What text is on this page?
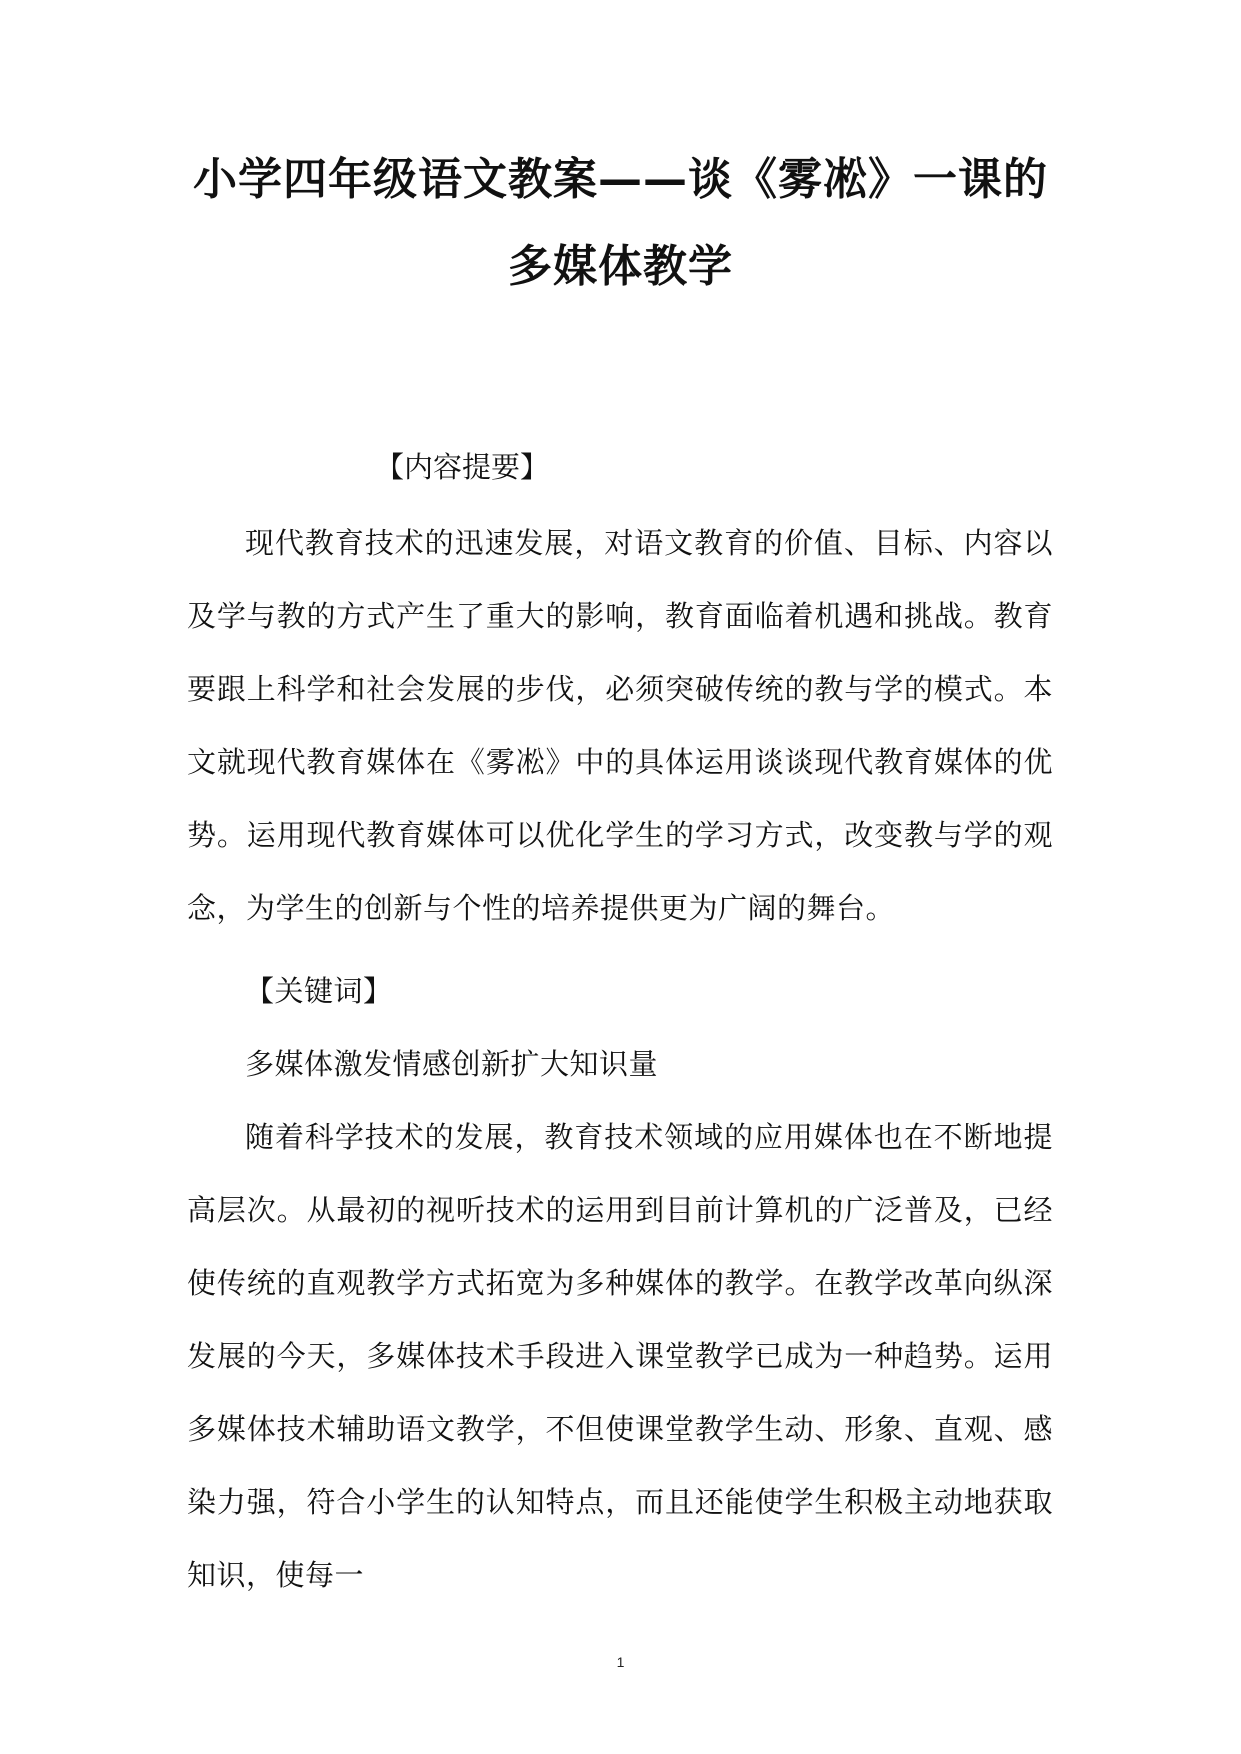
小学四年级语文教案——谈《雾凇》一课的
多媒体教学
【内容提要】

现代教育技术的迅速发展，对语文教育的价值、目标、内容以及学与教的方式产生了重大的影响，教育面临着机遇和挑战。教育要跟上科学和社会发展的步伐，必须突破传统的教与学的模式。本文就现代教育媒体在《雾凇》中的具体运用谈谈现代教育媒体的优势。运用现代教育媒体可以优化学生的学习方式，改变教与学的观念，为学生的创新与个性的培养提供更为广阔的舞台。

【关键词】

多媒体激发情感创新扩大知识量

随着科学技术的发展，教育技术领域的应用媒体也在不断地提高层次。从最初的视听技术的运用到目前计算机的广泛普及，已经使传统的直观教学方式拓宽为多种媒体的教学。在教学改革向纵深发展的今天，多媒体技术手段进入课堂教学已成为一种趋势。运用多媒体技术辅助语文教学，不但使课堂教学生动、形象、直观、感染力强，符合小学生的认知特点，而且还能使学生积极主动地获取知识，使每一

1
